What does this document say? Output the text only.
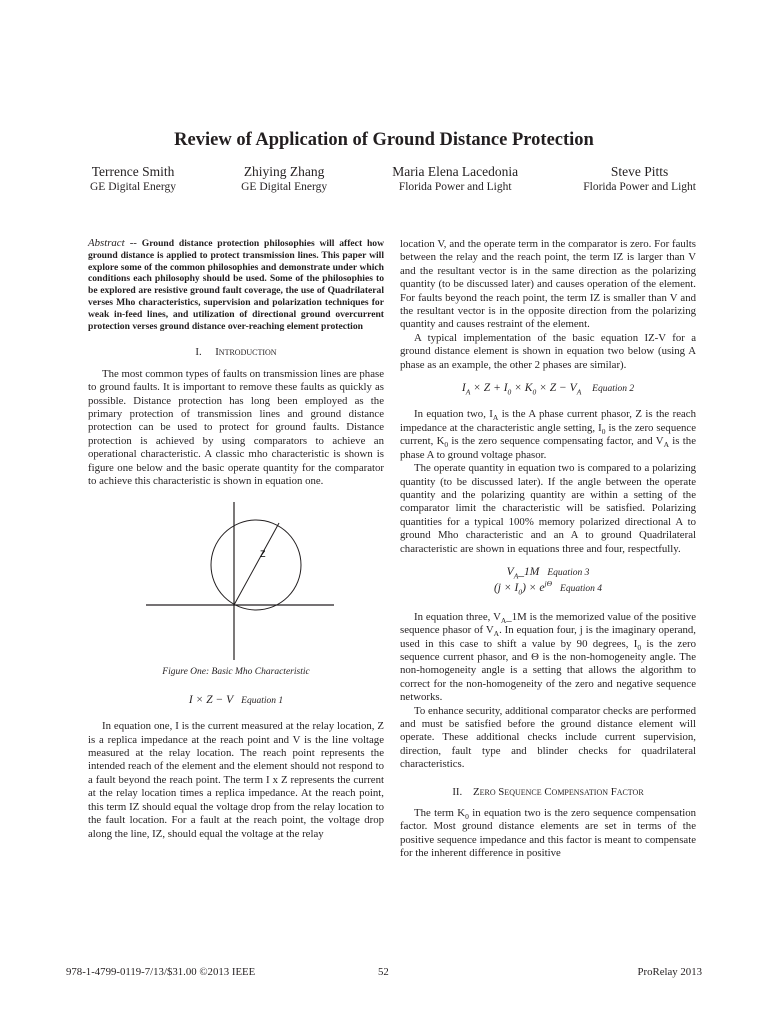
Review of Application of Ground Distance Protection
Terrence Smith
GE Digital Energy
Zhiying Zhang
GE Digital Energy
Maria Elena Lacedonia
Florida Power and Light
Steve Pitts
Florida Power and Light

Abstract -- Ground distance protection philosophies will affect how ground distance is applied to protect transmission lines. This paper will explore some of the common philosophies and demonstrate under which conditions each philosophy should be used. Some of the philosophies to be explored are resistive ground fault coverage, the use of Quadrilateral verses Mho characteristics, supervision and polarization techniques for weak in-feed lines, and utilization of directional ground overcurrent protection verses ground distance over-reaching element protection

I. Introduction

The most common types of faults on transmission lines are phase to ground faults. It is important to remove these faults as quickly as possible. Distance protection has long been employed as the primary protection of transmission lines and ground distance protection can be used to protect for ground faults. Distance protection is achieved by using comparators to achieve an operational characteristic. A classic mho characteristic is shown is figure one below and the basic operate quantity for the comparator to achieve this characteristic is shown in equation one.

Z

Figure One: Basic Mho Characteristic

I × Z − V Equation 1

In equation one, I is the current measured at the relay location, Z is a replica impedance at the reach point and V is the line voltage measured at the relay location. The reach point represents the intended reach of the element and the element should not respond to a fault beyond the reach point. The term I x Z represents the current at the relay location times a replica impedance. At the reach point, this term IZ should equal the voltage drop from the relay location to the fault location. For a fault at the reach point, the voltage drop along the line, IZ, should equal the voltage at the relay

location V, and the operate term in the comparator is zero. For faults between the relay and the reach point, the term IZ is larger than V and the resultant vector is in the same direction as the polarizing quantity (to be discussed later) and causes operation of the element. For faults beyond the reach point, the term IZ is smaller than V and the resultant vector is in the opposite direction from the polarizing quantity and causes restraint of the element.

A typical implementation of the basic equation IZ-V for a ground distance element is shown in equation two below (using A phase as an example, the other 2 phases are similar).

$I_A \times Z + I_0 \times K_0 \times Z - V_A$ Equation 2

In equation two, $I_A$ is the A phase current phasor, Z is the reach impedance at the characteristic angle setting, $I_0$ is the zero sequence current, $K_0$ is the zero sequence compensating factor, and $V_A$ is the phase A to ground voltage phasor.

The operate quantity in equation two is compared to a polarizing quantity (to be discussed later). If the angle between the operate quantity and the polarizing quantity are within a setting of the comparator limit the characteristic will be satisfied. Polarizing quantities for a typical 100% memory polarized directional A to ground Mho characteristic and an A to ground Quadrilateral characteristic are shown in equations three and four, respectfully.

$V_A\_1M$ Equation 3
$(j \times I_0)$ × $e^{j\Theta}Equation$ 4

In equation three, $V_A\_1M$ is the memorized value of the positive sequence phasor of $V_A$. In equation four, j is the imaginary operand, used in this case to shift a value by 90 degrees, $I_0$ is the zero sequence current phasor, and Θ is the non-homogeneity angle. The non-homogeneity angle is a setting that allows the algorithm to correct for the non-homogeneity of the zero and negative sequence networks.

To enhance security, additional comparator checks are performed and must be satisfied before the ground distance element will operate. These additional checks include current supervision, direction, fault type and blinder checks for quadrilateral characteristics.

II. Zero Sequence Compensation Factor

The term $K_0$ in equation two is the zero sequence compensation factor. Most ground distance elements are set in terms of the positive sequence impedance and this factor is meant to compensate for the inherent difference in positive

978-1-4799-0119-7/13/$31.00 ©2013 IEEE	52	ProRelay 2013
